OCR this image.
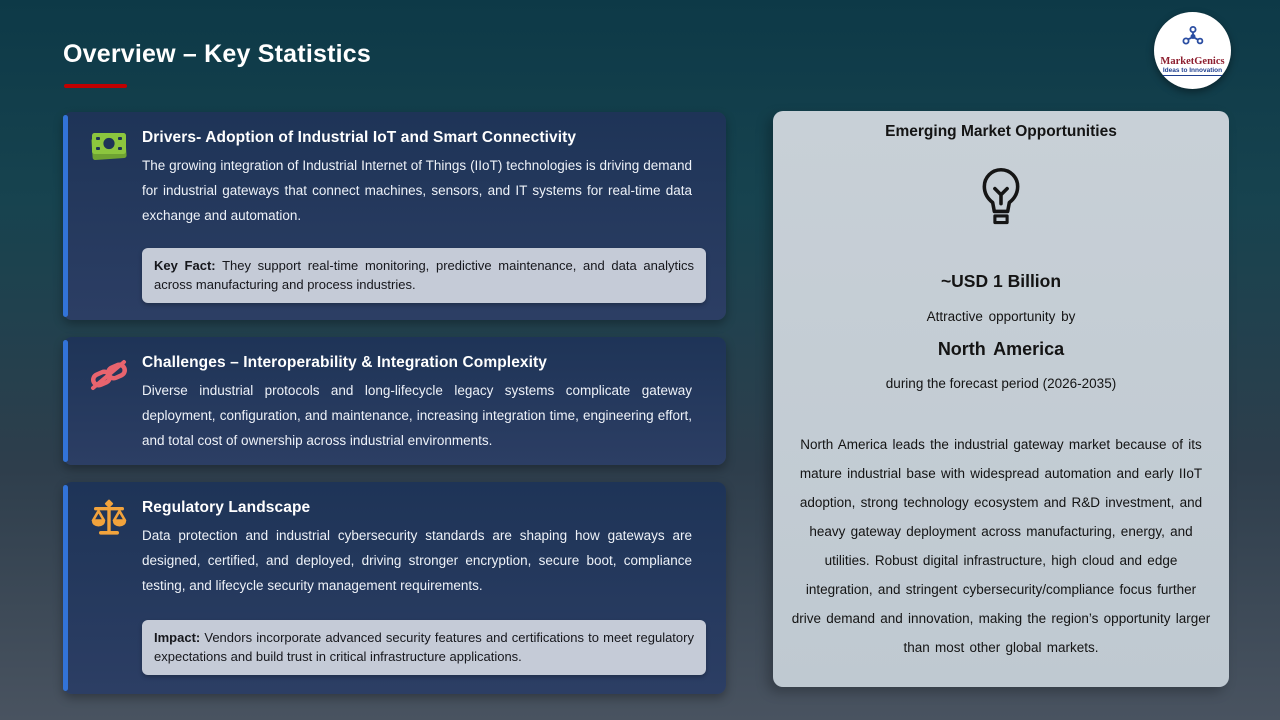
Overview – Key Statistics	MarketGenics
Ideas to Innovation
Drivers- Adoption of Industrial IoT and Smart Connectivity
The growing integration of Industrial Internet of Things (IIoT) technologies is driving demand for industrial gateways that connect machines, sensors, and IT systems for real-time data exchange and automation.
Key Fact: They support real-time monitoring, predictive maintenance, and data analytics across manufacturing and process industries.
Challenges – Interoperability & Integration Complexity
Diverse industrial protocols and long-lifecycle legacy systems complicate gateway deployment, configuration, and maintenance, increasing integration time, engineering effort, and total cost of ownership across industrial environments.
Regulatory Landscape
Data protection and industrial cybersecurity standards are shaping how gateways are designed, certified, and deployed, driving stronger encryption, secure boot, compliance testing, and lifecycle security management requirements.
Impact: Vendors incorporate advanced security features and certifications to meet regulatory expectations and build trust in critical infrastructure applications.
Emerging Market Opportunities
~USD 1 Billion
Attractive opportunity by
North America
during the forecast period (2026-2035)
North America leads the industrial gateway market because of its mature industrial base with widespread automation and early IIoT adoption, strong technology ecosystem and R&D investment, and heavy gateway deployment across manufacturing, energy, and utilities. Robust digital infrastructure, high cloud and edge integration, and stringent cybersecurity/compliance focus further drive demand and innovation, making the region’s opportunity larger than most other global markets.
